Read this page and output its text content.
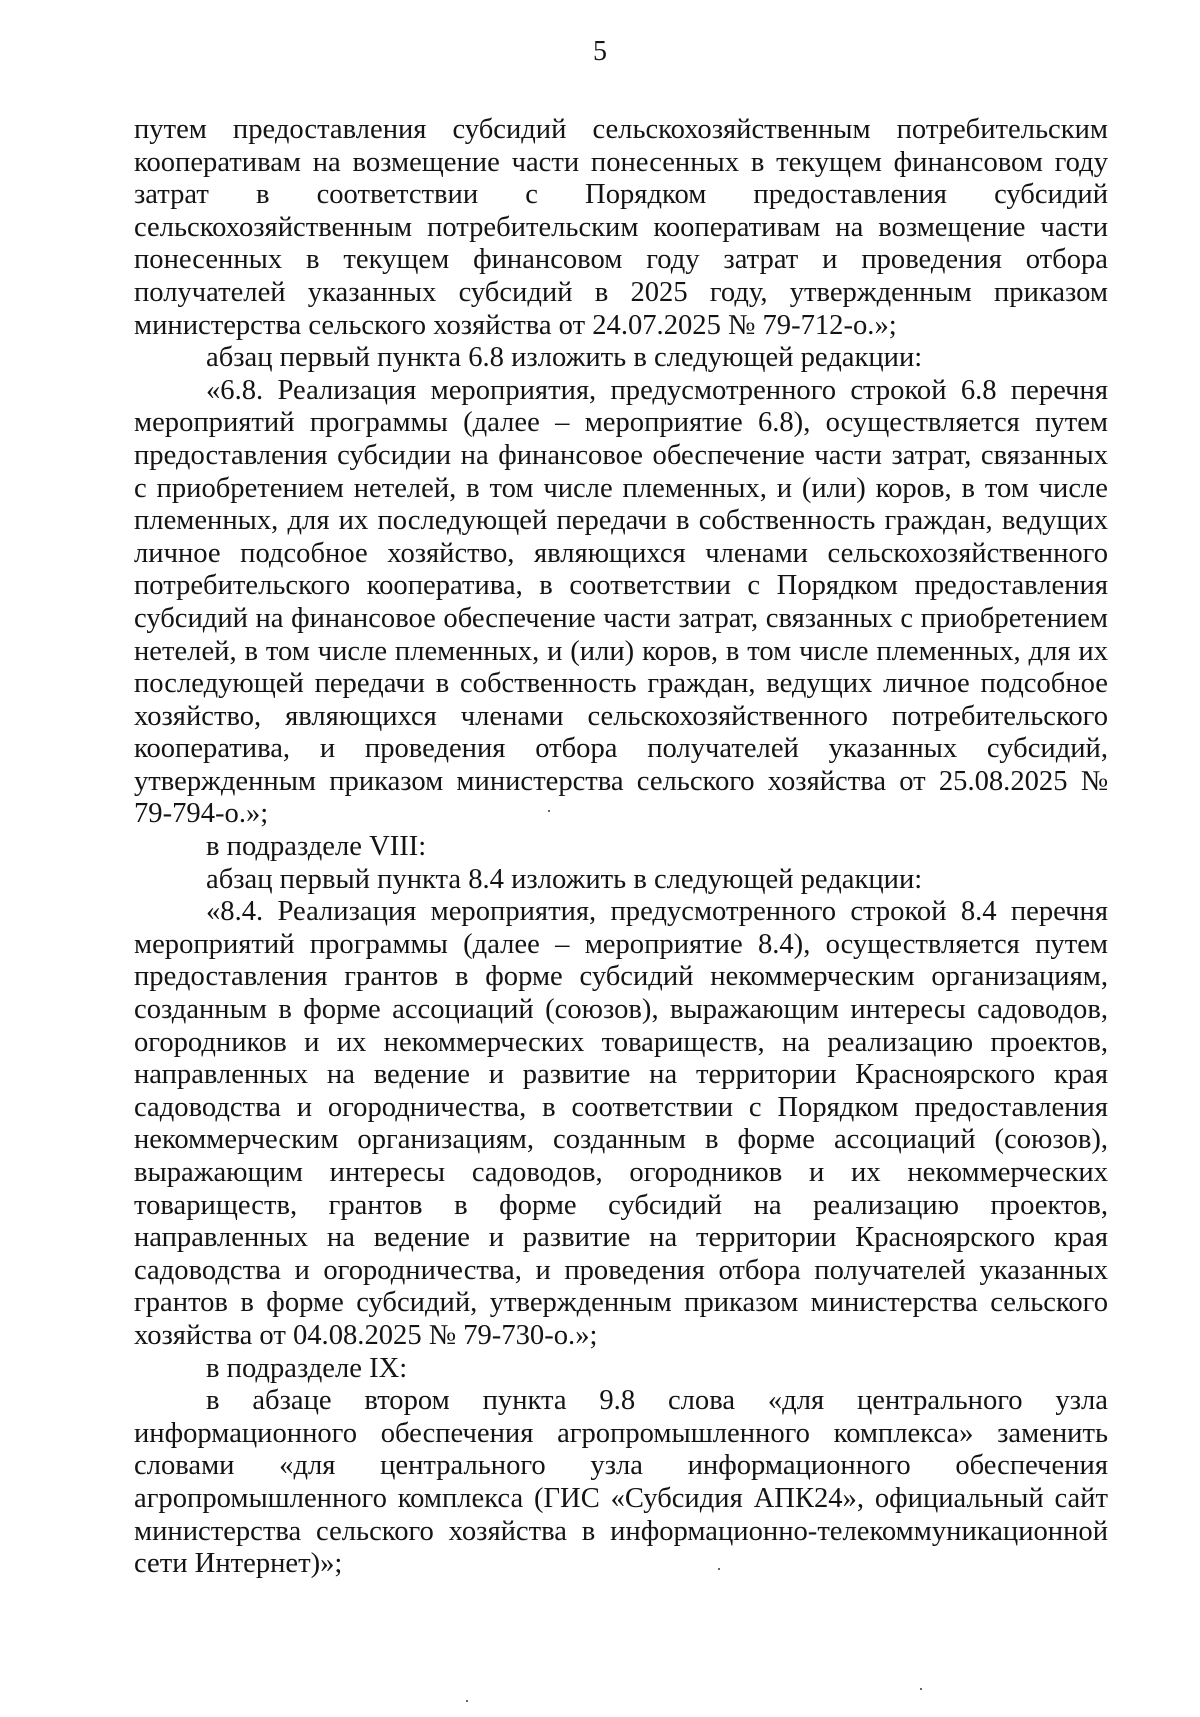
5

путем предоставления субсидий сельскохозяйственным потребительским кооперативам на возмещение части понесенных в текущем финансовом году затрат в соответствии с Порядком предоставления субсидий сельскохозяйственным потребительским кооперативам на возмещение части понесенных в текущем финансовом году затрат и проведения отбора получателей указанных субсидий в 2025 году, утвержденным приказом министерства сельского хозяйства от 24.07.2025 № 79-712-о.»;

абзац первый пункта 6.8 изложить в следующей редакции:

«6.8. Реализация мероприятия, предусмотренного строкой 6.8 перечня мероприятий программы (далее – мероприятие 6.8), осуществляется путем предоставления субсидии на финансовое обеспечение части затрат, связанных с приобретением нетелей, в том числе племенных, и (или) коров, в том числе племенных, для их последующей передачи в собственность граждан, ведущих личное подсобное хозяйство, являющихся членами сельскохозяйственного потребительского кооператива, в соответствии с Порядком предоставления субсидий на финансовое обеспечение части затрат, связанных с приобретением нетелей, в том числе племенных, и (или) коров, в том числе племенных, для их последующей передачи в собственность граждан, ведущих личное подсобное хозяйство, являющихся членами сельскохозяйственного потребительского кооператива, и проведения отбора получателей указанных субсидий, утвержденным приказом министерства сельского хозяйства от 25.08.2025 № 79-794-о.»;

в подразделе VIII:

абзац первый пункта 8.4 изложить в следующей редакции:

«8.4. Реализация мероприятия, предусмотренного строкой 8.4 перечня мероприятий программы (далее – мероприятие 8.4), осуществляется путем предоставления грантов в форме субсидий некоммерческим организациям, созданным в форме ассоциаций (союзов), выражающим интересы садоводов, огородников и их некоммерческих товариществ, на реализацию проектов, направленных на ведение и развитие на территории Красноярского края садоводства и огородничества, в соответствии с Порядком предоставления некоммерческим организациям, созданным в форме ассоциаций (союзов), выражающим интересы садоводов, огородников и их некоммерческих товариществ, грантов в форме субсидий на реализацию проектов, направленных на ведение и развитие на территории Красноярского края садоводства и огородничества, и проведения отбора получателей указанных грантов в форме субсидий, утвержденным приказом министерства сельского хозяйства от 04.08.2025 № 79-730-о.»;

в подразделе IX:

в абзаце втором пункта 9.8 слова «для центрального узла информационного обеспечения агропромышленного комплекса» заменить словами «для центрального узла информационного обеспечения агропромышленного комплекса (ГИС «Субсидия АПК24», официальный сайт министерства сельского хозяйства в информационно-телекоммуникационной сети Интернет)»;
